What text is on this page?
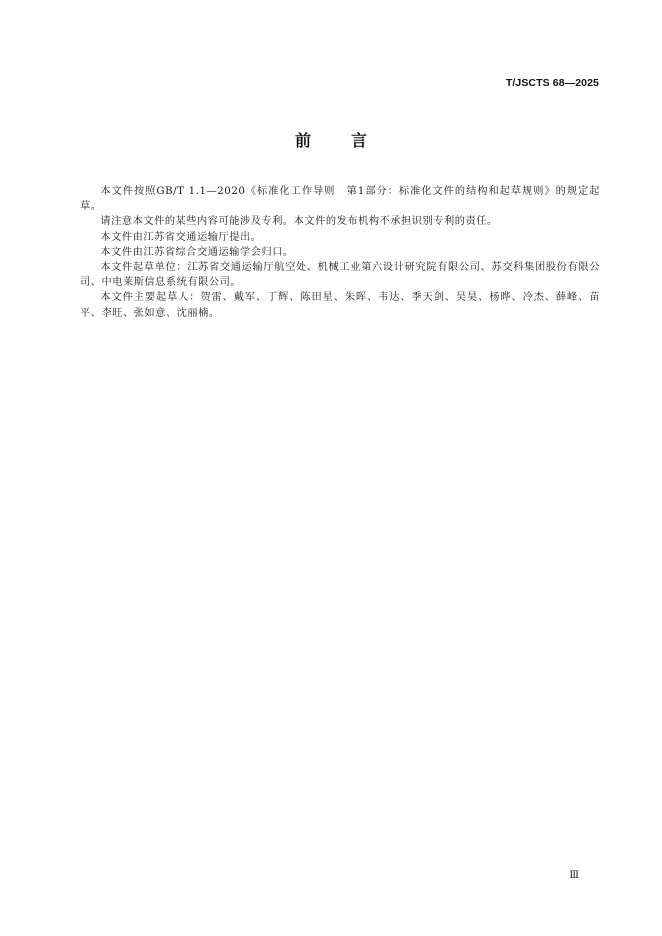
T/JSCTS 68—2025
前	言

本文件按照GB/T 1.1—2020《标准化工作导则　第1部分：标准化文件的结构和起草规则》的规定起草。

请注意本文件的某些内容可能涉及专利。本文件的发布机构不承担识别专利的责任。

本文件由江苏省交通运输厅提出。

本文件由江苏省综合交通运输学会归口。

本文件起草单位：江苏省交通运输厅航空处、机械工业第六设计研究院有限公司、苏交科集团股份有限公司、中电莱斯信息系统有限公司。

本文件主要起草人：贺雷、戴军、丁辉、陈田星、朱晖、韦达、季天剑、吴昊、杨晔、冷杰、薛峰、苗平、李旺、张如意、沈丽楠。

Ⅲ
